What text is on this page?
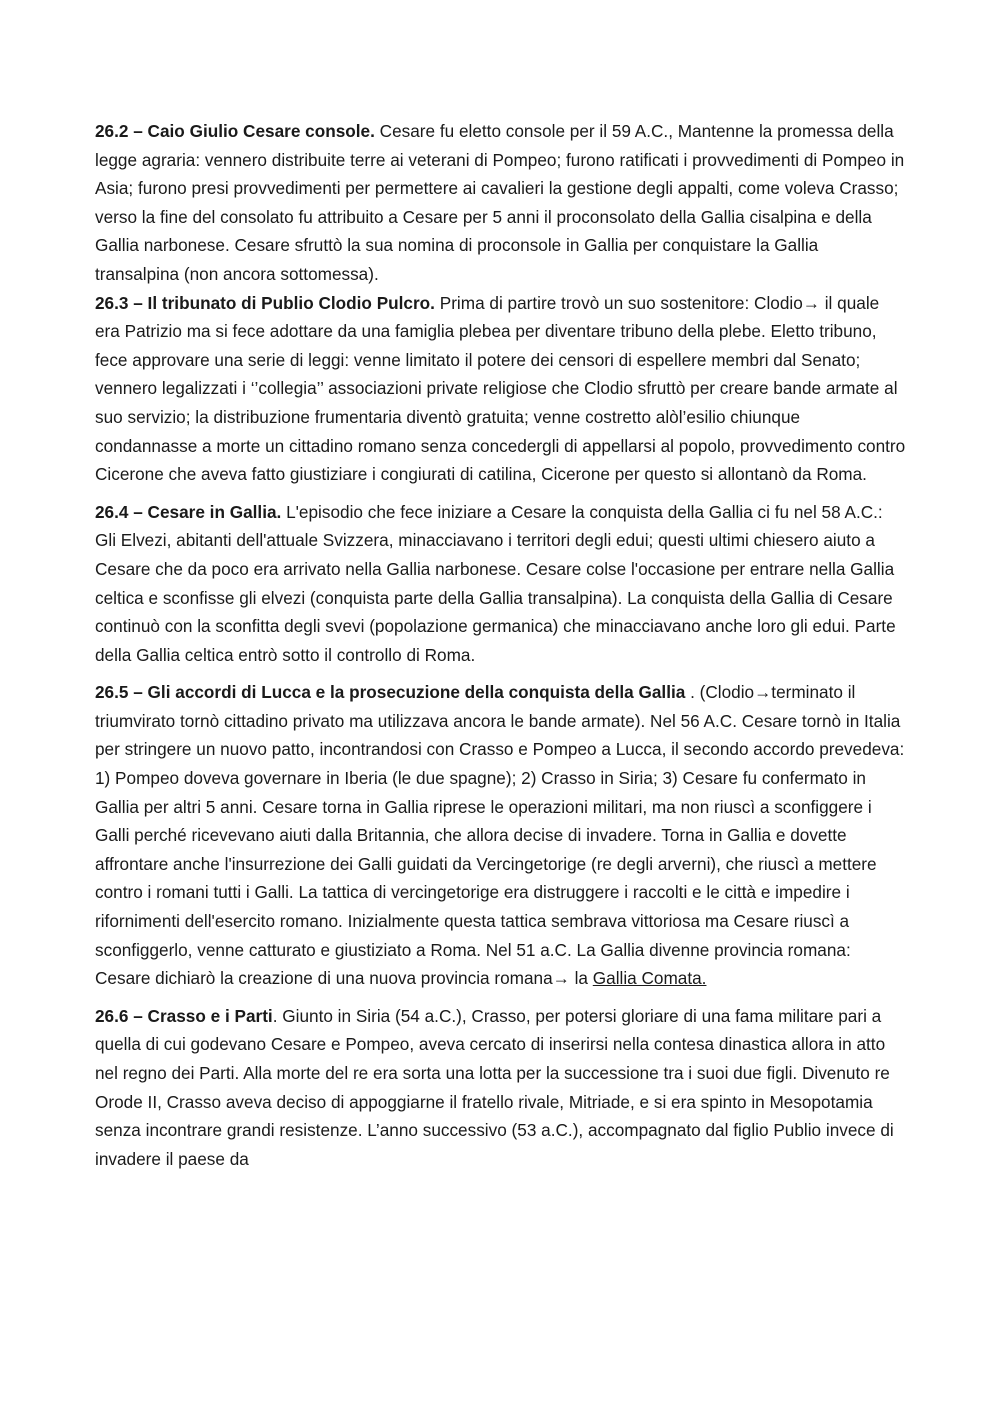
26.2 – Caio Giulio Cesare console. Cesare fu eletto console per il 59 A.C., Mantenne la promessa della legge agraria: vennero distribuite terre ai veterani di Pompeo; furono ratificati i provvedimenti di Pompeo in Asia; furono presi provvedimenti per permettere ai cavalieri la gestione degli appalti, come voleva Crasso; verso la fine del consolato fu attribuito a Cesare per 5 anni il proconsolato della Gallia cisalpina e della Gallia narbonese. Cesare sfruttò la sua nomina di proconsole in Gallia per conquistare la Gallia transalpina (non ancora sottomessa).

26.3 – Il tribunato di Publio Clodio Pulcro. Prima di partire trovò un suo sostenitore: Clodio→ il quale era Patrizio ma si fece adottare da una famiglia plebea per diventare tribuno della plebe. Eletto tribuno, fece approvare una serie di leggi: venne limitato il potere dei censori di espellere membri dal Senato; vennero legalizzati i ‘’collegia’’ associazioni private religiose che Clodio sfruttò per creare bande armate al suo servizio; la distribuzione frumentaria diventò gratuita; venne costretto alòl’esilio chiunque condannasse a morte un cittadino romano senza concedergli di appellarsi al popolo, provvedimento contro Cicerone che aveva fatto giustiziare i congiurati di catilina, Cicerone per questo si allontanò da Roma.

26.4 – Cesare in Gallia. L'episodio che fece iniziare a Cesare la conquista della Gallia ci fu nel 58 A.C.: Gli Elvezi, abitanti dell'attuale Svizzera, minacciavano i territori degli edui; questi ultimi chiesero aiuto a Cesare che da poco era arrivato nella Gallia narbonese. Cesare colse l'occasione per entrare nella Gallia celtica e sconfisse gli elvezi (conquista parte della Gallia transalpina). La conquista della Gallia di Cesare continuò con la sconfitta degli svevi (popolazione germanica) che minacciavano anche loro gli edui. Parte della Gallia celtica entrò sotto il controllo di Roma.

26.5 – Gli accordi di Lucca e la prosecuzione della conquista della Gallia . (Clodio→terminato il triumvirato tornò cittadino privato ma utilizzava ancora le bande armate). Nel 56 A.C. Cesare tornò in Italia per stringere un nuovo patto, incontrandosi con Crasso e Pompeo a Lucca, il secondo accordo prevedeva: 1) Pompeo doveva governare in Iberia (le due spagne); 2) Crasso in Siria; 3) Cesare fu confermato in Gallia per altri 5 anni. Cesare torna in Gallia riprese le operazioni militari, ma non riuscì a sconfiggere i Galli perché ricevevano aiuti dalla Britannia, che allora decise di invadere. Torna in Gallia e dovette affrontare anche l'insurrezione dei Galli guidati da Vercingetorige (re degli arverni), che riuscì a mettere contro i romani tutti i Galli. La tattica di vercingetorige era distruggere i raccolti e le città e impedire i rifornimenti dell'esercito romano. Inizialmente questa tattica sembrava vittoriosa ma Cesare riuscì a sconfiggerlo, venne catturato e giustiziato a Roma. Nel 51 a.C. La Gallia divenne provincia romana: Cesare dichiarò la creazione di una nuova provincia romana→ la Gallia Comata.

26.6 – Crasso e i Parti. Giunto in Siria (54 a.C.), Crasso, per potersi gloriare di una fama militare pari a quella di cui godevano Cesare e Pompeo, aveva cercato di inserirsi nella contesa dinastica allora in atto nel regno dei Parti. Alla morte del re era sorta una lotta per la successione tra i suoi due figli. Divenuto re Orode II, Crasso aveva deciso di appoggiarne il fratello rivale, Mitriade, e si era spinto in Mesopotamia senza incontrare grandi resistenze. L’anno successivo (53 a.C.), accompagnato dal figlio Publio invece di invadere il paese da
